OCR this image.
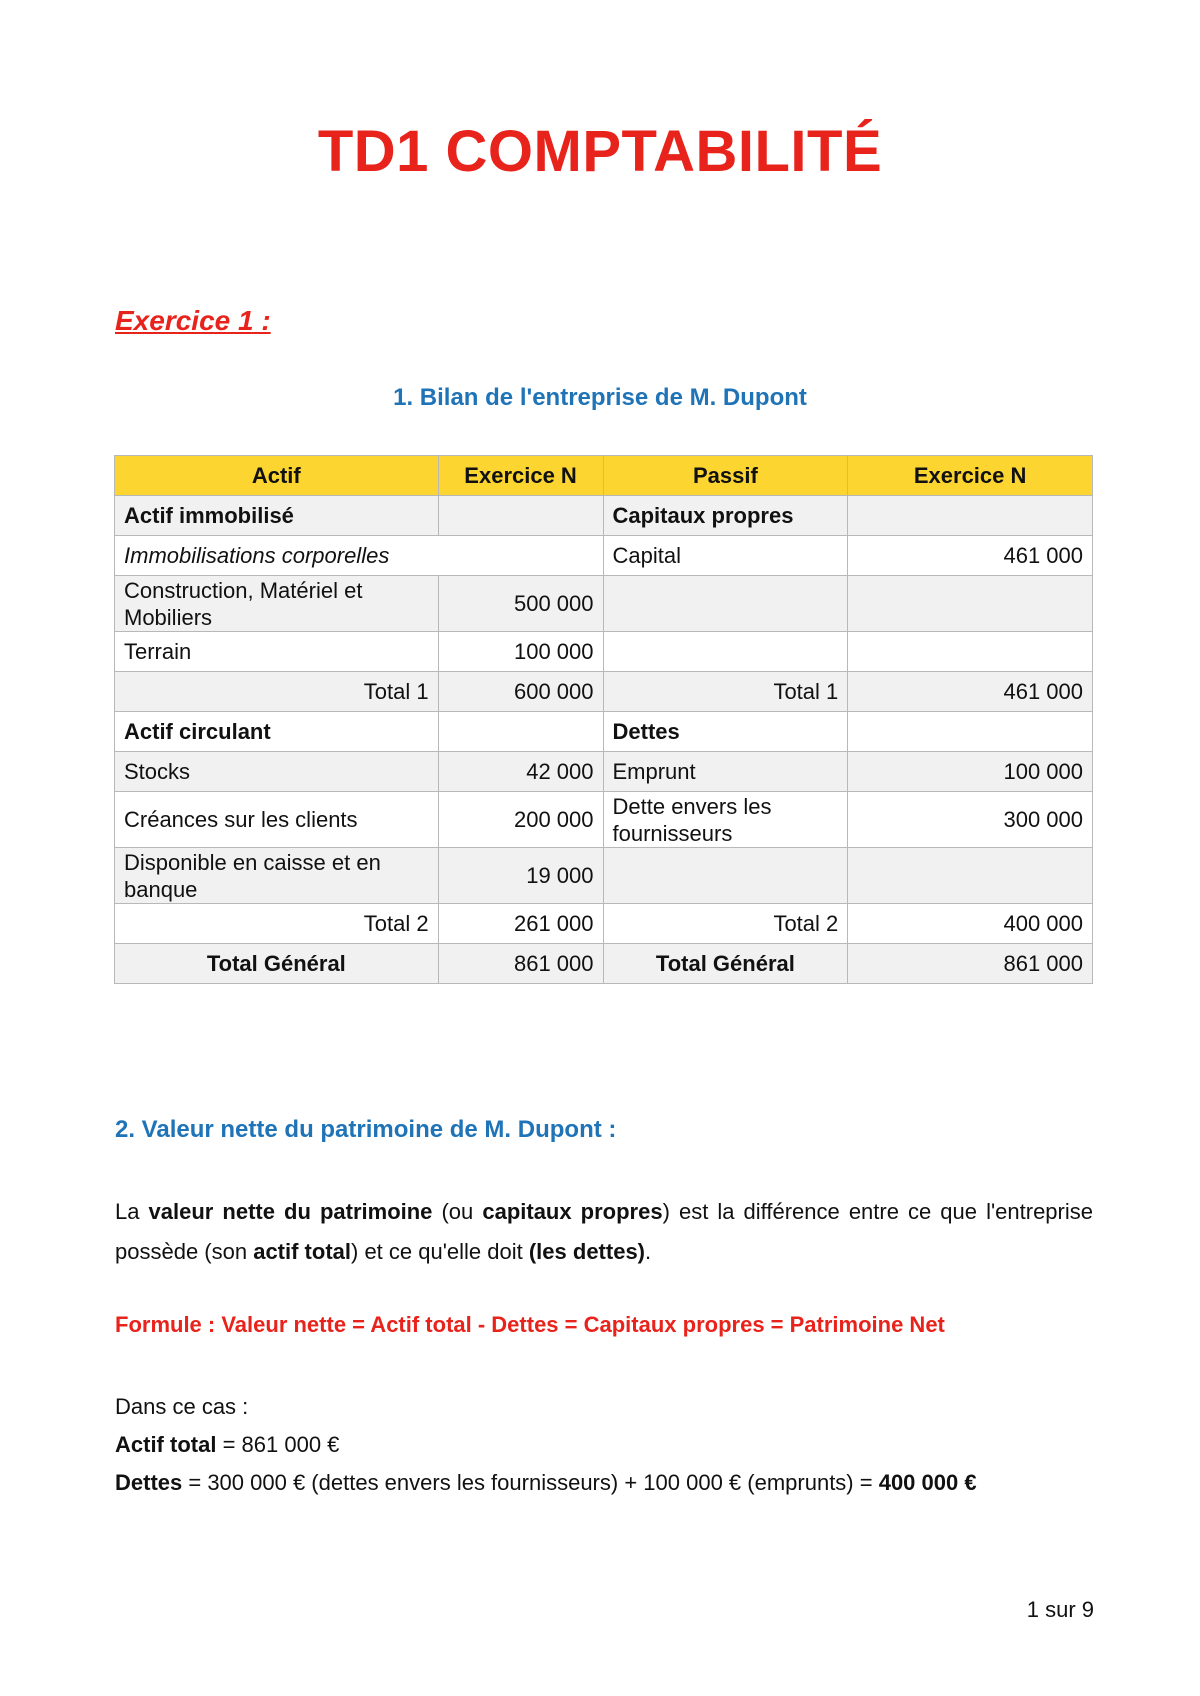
TD1 COMPTABILITÉ
Exercice 1 :
1. Bilan de l'entreprise de M. Dupont
Actif	Exercice N	Passif	Exercice N
Actif immobilisé		Capitaux propres	
Immobilisations corporelles		Capital	461 000
Construction, Matériel et Mobiliers	500 000		
Terrain	100 000		
Total 1	600 000	Total 1	461 000
Actif circulant		Dettes	
Stocks	42 000	Emprunt	100 000
Créances sur les clients	200 000	Dette envers les fournisseurs	300 000
Disponible en caisse et en banque	19 000		
Total 2	261 000	Total 2	400 000
Total Général	861 000	Total Général	861 000
2. Valeur nette du patrimoine de M. Dupont :

La valeur nette du patrimoine (ou capitaux propres) est la différence entre ce que l'entreprise possède (son actif total) et ce qu'elle doit (les dettes).

Formule : Valeur nette = Actif total - Dettes = Capitaux propres = Patrimoine Net

Dans ce cas :
Actif total = 861 000 €
Dettes = 300 000 € (dettes envers les fournisseurs) + 100 000 € (emprunts) = 400 000 €

1 sur 9
